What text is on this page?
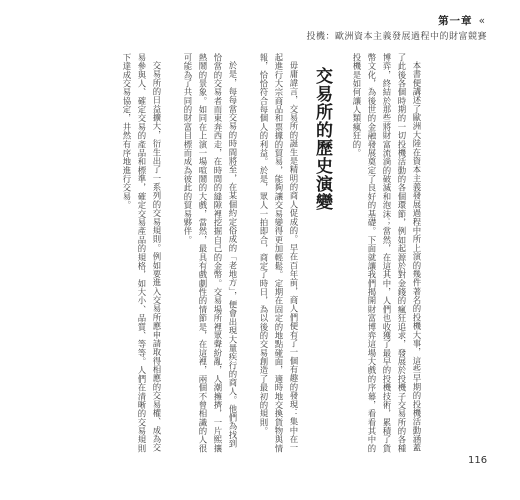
第一章 «
投機：歐洲資本主義發展過程中的財富競賽

本書便講述了歐洲大陸在資本主義發展過程中所上演的幾件著名的投機大事，這些早期的投機活動涵蓋了此後各個時期的一切投機活動的各個環節，例如起源於對金錢的瘋狂追求，發展於投機子交易所的各種博弈，終結於那些將財富流淌的破滅和泡沫；當然，在這其中，人們也收獲了最早的投機技術，累積了貨幣文化，為後世的金融發展奠定了良好的基礎。下面就讓我們揭開財富博弈這場大戲的序幕，看看其中的投機是如何讓人類瘋狂的。

交易所的歷史演變

毋庸諱言，交易所的誕生是精明的商人促成的。早在百年前，商人們便有了一個有趣的發現：集中在一起進行大宗商品和票據的貿易，能夠讓交易變得更加輕鬆。定期在固定的地點碰面，適時地交換貨物與情報，恰恰符合每個人的利益。於是，眾人一拍即合，商定了時日，為以後的交易創造了最初的規則。

於是，每每當交易的時間將至，在某個約定俗成的「老地方」，便會出現大量疾行的商人。他們為找到恰當的交易者而東奔西走，在時間的縫隙裡挖掘自己的金幣。交易場所裡眾聲紛亂，人潮擁擠，一片熙攘熱鬧的景象。如同在上演一場喧鬧的大戲，當然，最具有戲劇性的情節是，在這裡，兩個不曾相識的人很可能為了共同的財富目標而成為彼此的貿易夥伴。

交易所的日益擴大，衍生出了一系列的交易規則。例如要進入交易所應申請取得相應的交易權、成為交易參與人、確定交易的產品和標準，確定交易產品的規格，如大小、品質、等等。人們在清晰的交易規則下達成交易協定，井然有序地進行交易。

116
